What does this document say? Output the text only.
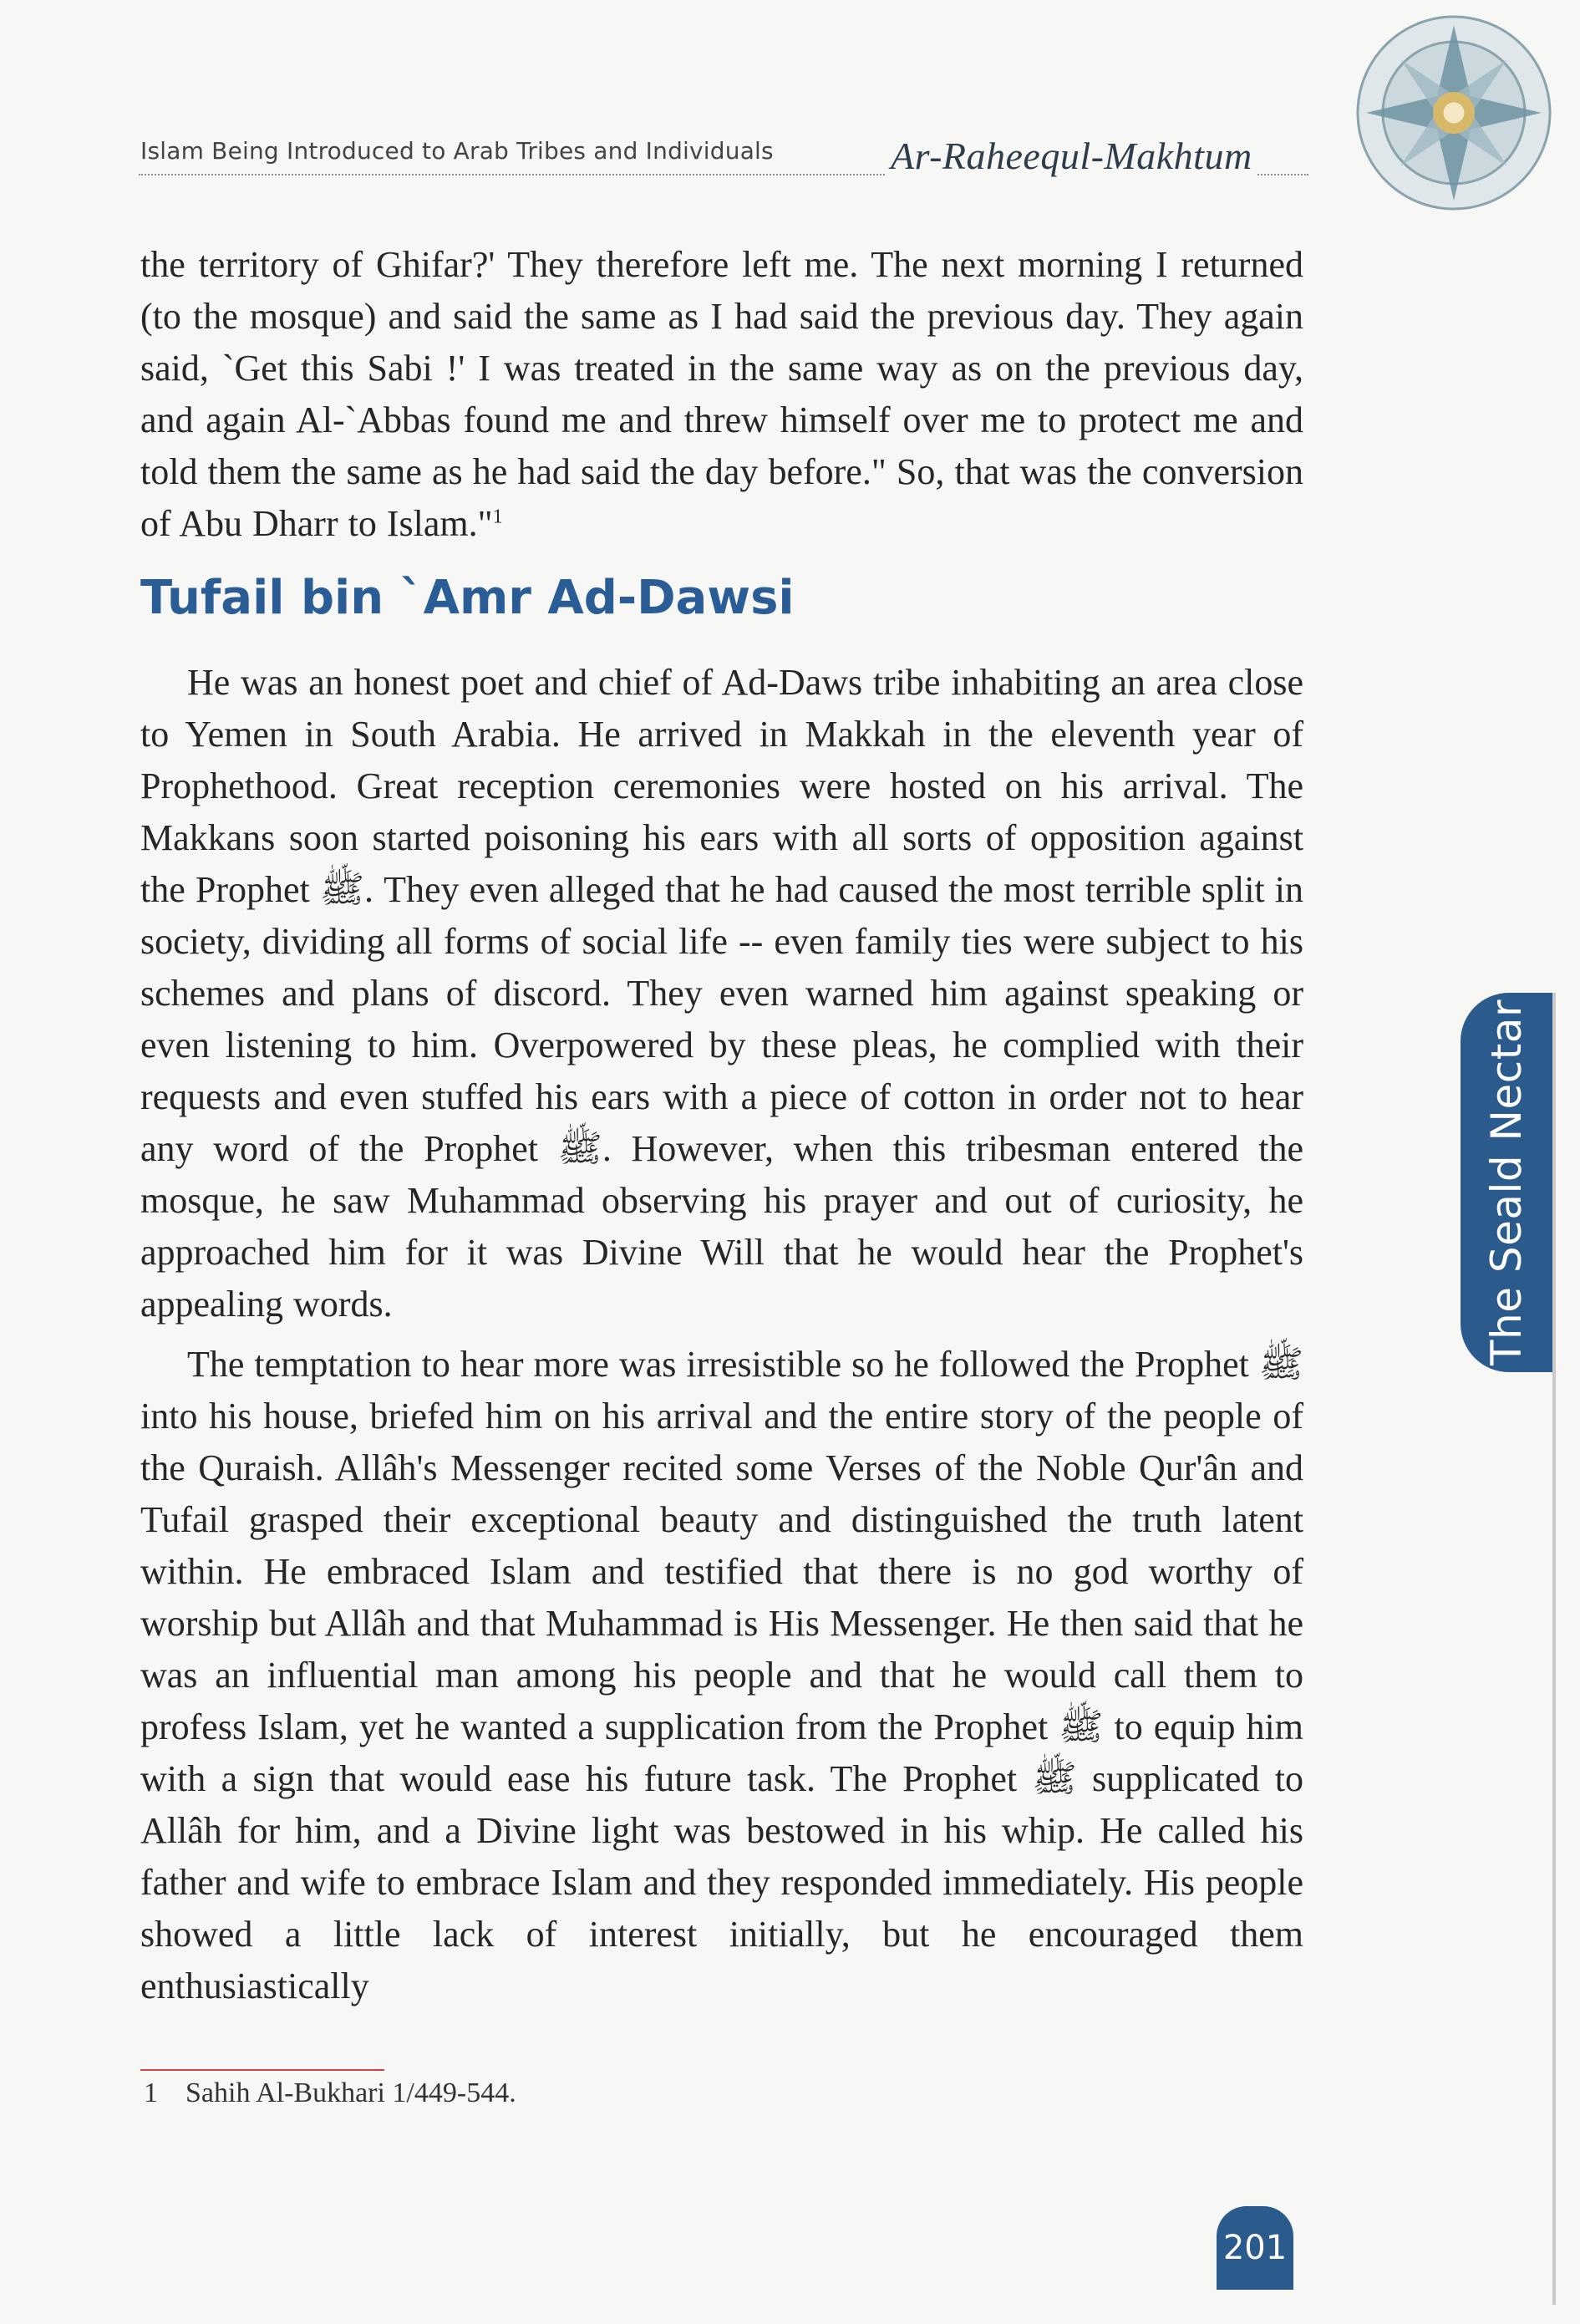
Islam Being Introduced to Arab Tribes and Individuals	Ar-Raheequl-Makhtum

the territory of Ghifar?' They therefore left me. The next morning I returned (to the mosque) and said the same as I had said the previous day. They again said, `Get this Sabi !' I was treated in the same way as on the previous day, and again Al-`Abbas found me and threw himself over me to protect me and told them the same as he had said the day before." So, that was the conversion of Abu Dharr to Islam."$^1$

Tufail bin `Amr Ad-Dawsi

He was an honest poet and chief of Ad-Daws tribe inhabiting an area close to Yemen in South Arabia. He arrived in Makkah in the eleventh year of Prophethood. Great reception ceremonies were hosted on his arrival. The Makkans soon started poisoning his ears with all sorts of opposition against the Prophet ﷺ. They even alleged that he had caused the most terrible split in society, dividing all forms of social life -- even family ties were subject to his schemes and plans of discord. They even warned him against speaking or even listening to him. Overpowered by these pleas, he complied with their requests and even stuffed his ears with a piece of cotton in order not to hear any word of the Prophet ﷺ. However, when this tribesman entered the mosque, he saw Muhammad observing his prayer and out of curiosity, he approached him for it was Divine Will that he would hear the Prophet's appealing words.

The temptation to hear more was irresistible so he followed the Prophet ﷺ into his house, briefed him on his arrival and the entire story of the people of the Quraish. Allâh's Messenger recited some Verses of the Noble Qur'ân and Tufail grasped their exceptional beauty and distinguished the truth latent within. He embraced Islam and testified that there is no god worthy of worship but Allâh and that Muhammad is His Messenger. He then said that he was an influential man among his people and that he would call them to profess Islam, yet he wanted a supplication from the Prophet ﷺ to equip him with a sign that would ease his future task. The Prophet ﷺ supplicated to Allâh for him, and a Divine light was bestowed in his whip. He called his father and wife to embrace Islam and they responded immediately. His people showed a little lack of interest initially, but he encouraged them enthusiastically

1 Sahih Al-Bukhari 1/449-544.
The Seald Nectar
201
